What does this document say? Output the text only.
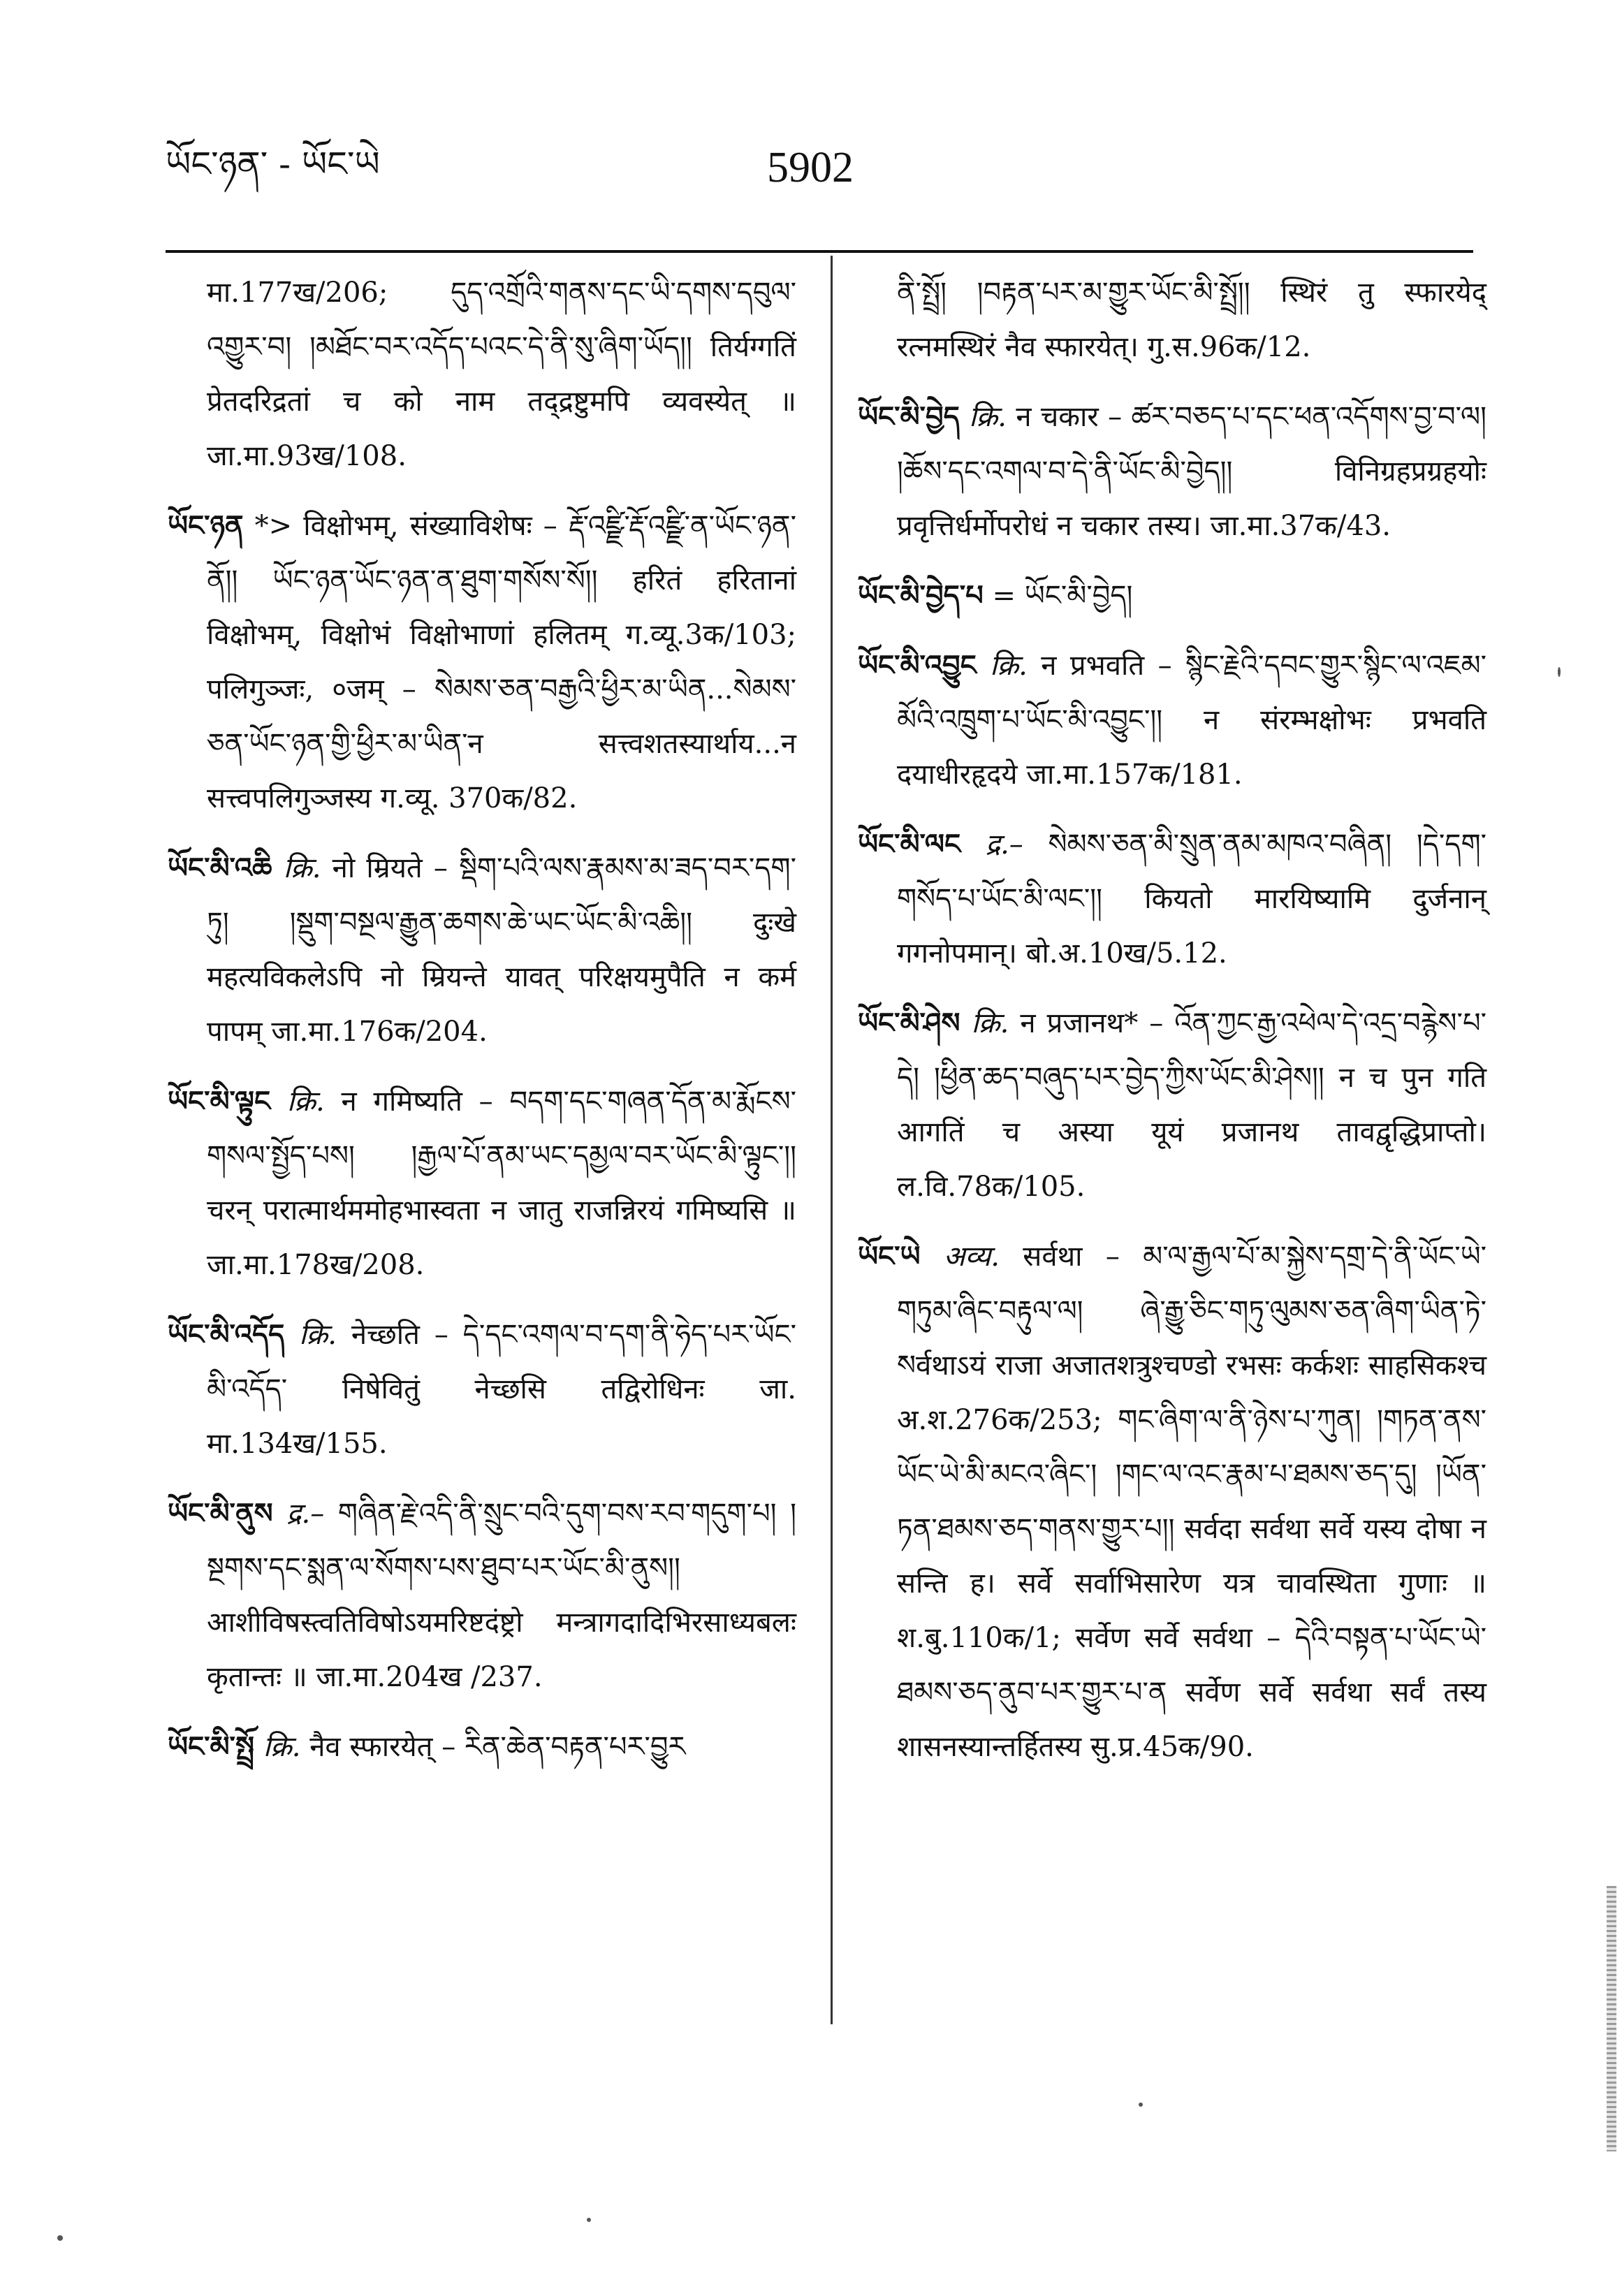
ཡོང་ཉན་ - ཡོང་ཡེ	5902

मा.177ख/206; དུད་འགྲོའི་གནས་དང་ཡི་དགས་དབུལ་འགྱུར་བ། །མཐོང་བར་འདོད་པའང་དེ་ནི་སུ་ཞིག་ཡོད།། तिर्यग्गतिं प्रेतदरिद्रतां च को नाम तद्द्रष्टुमपि व्यवस्येत् ॥ जा.मा.93ख/108.

ཡོང་ཉན *> विक्षोभम्, संख्याविशेषः – རྡོ་འཛྫི་རྡོ་འཛྫི་ན་ཡོང་ཉན་ནོ།། ཡོང་ཉན་ཡོང་ཉན་ན་ཐུག་གསོས་སོ།། हरितं हरितानां विक्षोभम्, विक्षोभं विक्षोभाणां हलितम् ग.व्यू.3क/103; पलिगुञ्जः, ०जम् – སེམས་ཅན་བརྒྱའི་ཕྱིར་མ་ཡིན...སེམས་ཅན་ཡོང་ཉན་གྱི་ཕྱིར་མ་ཡིན་न सत्त्वशतस्यार्थाय...न सत्त्वपलिगुञ्जस्य ग.व्यू. 370क/82.

ཡོང་མི་འཆི क्रि. नो म्रियते – སྡིག་པའི་ལས་རྣམས་མ་ཟད་བར་དག་ཏུ། །སྡུག་བསྔལ་རྒྱུན་ཆགས་ཆེ་ཡང་ཡོང་མི་འཆི།། दुःखे महत्यविकलेऽपि नो म्रियन्ते यावत् परिक्षयमुपैति न कर्म पापम् जा.मा.176क/204.

ཡོང་མི་ལྟུང क्रि. न गमिष्यति – བདག་དང་གཞན་དོན་མ་རྨོངས་གསལ་སྤྱོད་པས། །རྒྱལ་པོ་ནམ་ཡང་དམྱལ་བར་ཡོང་མི་ལྟུང་།། चरन् परात्मार्थममोहभास्वता न जातु राजन्निरयं गमिष्यसि ॥ जा.मा.178ख/208.

ཡོང་མི་འདོད क्रि. नेच्छति – དེ་དང་འགལ་བ་དག་ནི་ཧེད་པར་ཡོང་མི་འདོད་ निषेवितुं नेच्छसि तद्विरोधिनः जा. मा.134ख/155.

ཡོང་མི་ནུས द्र.– གཞིན་རྗེ་འདི་ནི་སྲུང་བའི་དུག་བས་རབ་གདུག་པ། །སྔགས་དང་སྨན་ལ་སོགས་པས་ཐུབ་པར་ཡོང་མི་ནུས།། आशीविषस्त्वतिविषोऽयमरिष्टदंष्ट्रो मन्त्रागदादिभिरसाध्यबलः कृतान्तः ॥ जा.मा.204ख /237.

ཡོང་མི་སྤྲོ क्रि. नैव स्फारयेत् – རིན་ཆེན་བརྟན་པར་བྱུར

ནི་སྤྲོ། །བརྟན་པར་མ་གྱུར་ཡོང་མི་སྤྲོ།། स्थिरं तु स्फारयेद् रत्नमस्थिरं नैव स्फारयेत्। गु.स.96क/12.

ཡོང་མི་བྱེད क्रि. न चकार – ཚར་བཅད་པ་དང་ཕན་འདོགས་བྱ་བ་ལ། །ཆོས་དང་འགལ་བ་དེ་ནི་ཡོང་མི་བྱེད།། विनिग्रहप्रग्रहयोः प्रवृत्तिर्धर्मोपरोधं न चकार तस्य। जा.मा.37क/43.

ཡོང་མི་བྱེད་པ = ཡོང་མི་བྱེད།

ཡོང་མི་འབྱུང क्रि. न प्रभवति – སྙིང་རྗེའི་དབང་གྱུར་སྙིང་ལ་འཇམ་མོའི་འཁྲུག་པ་ཡོང་མི་འབྱུང་།། न संरम्भक्षोभः प्रभवति दयाधीरहृदये जा.मा.157क/181.

ཡོང་མི་ལང द्र.– སེམས་ཅན་མི་སྲུན་ནམ་མཁའ་བཞིན། །དེ་དག་གསོད་པ་ཡོང་མི་ལང་།། कियतो मारयिष्यामि दुर्जनान् गगनोपमान्। बो.अ.10ख/5.12.

ཡོང་མི་ཤེས क्रि. न प्रजानथ* – འོན་ཀྱང་རྒྱ་འཕེལ་དེ་འདྲ་བརྙེས་པ་དེ། །ཕྱིན་ཆད་བཞུད་པར་བྱེད་ཀྱིས་ཡོང་མི་ཤེས།། न च पुन गति आगतिं च अस्या यूयं प्रजानथ तावद्वृद्धिप्राप्तो। ल.वि.78क/105.

ཡོང་ཡེ अव्य. सर्वथा – མ་ལ་རྒྱལ་པོ་མ་སྐྱེས་དགྲ་དེ་ནི་ཡོང་ཡེ་གཏུམ་ཞིང་བརྟུལ་ལ། ཞེ་རྒྱུ་ཅིང་གཏུ་ལུམས་ཅན་ཞིག་ཡིན་ཏེ་ སर्वथाऽयं राजा अजातशत्रुश्चण्डो रभसः कर्कशः साहसिकश्च अ.श.276क/253; གང་ཞིག་ལ་ནི་ཉེས་པ་ཀུན། །གཏན་ནས་ཡོང་ཡེ་མི་མངའ་ཞིང་། །གང་ལ་འང་རྣམ་པ་ཐམས་ཅད་དུ། །ཡོན་ཏན་ཐམས་ཅད་གནས་གྱུར་པ།། सर्वदा सर्वथा सर्वे यस्य दोषा न सन्ति ह। सर्वे सर्वाभिसारेण यत्र चावस्थिता गुणाः ॥ श.बु.110क/1; सर्वेण सर्वे सर्वथा – དེའི་བསྟན་པ་ཡོང་ཡེ་ཐམས་ཅད་ནུབ་པར་གྱུར་པ་ན सर्वेण सर्वे सर्वथा सर्वं तस्य शासनस्यान्तर्हितस्य सु.प्र.45क/90.
